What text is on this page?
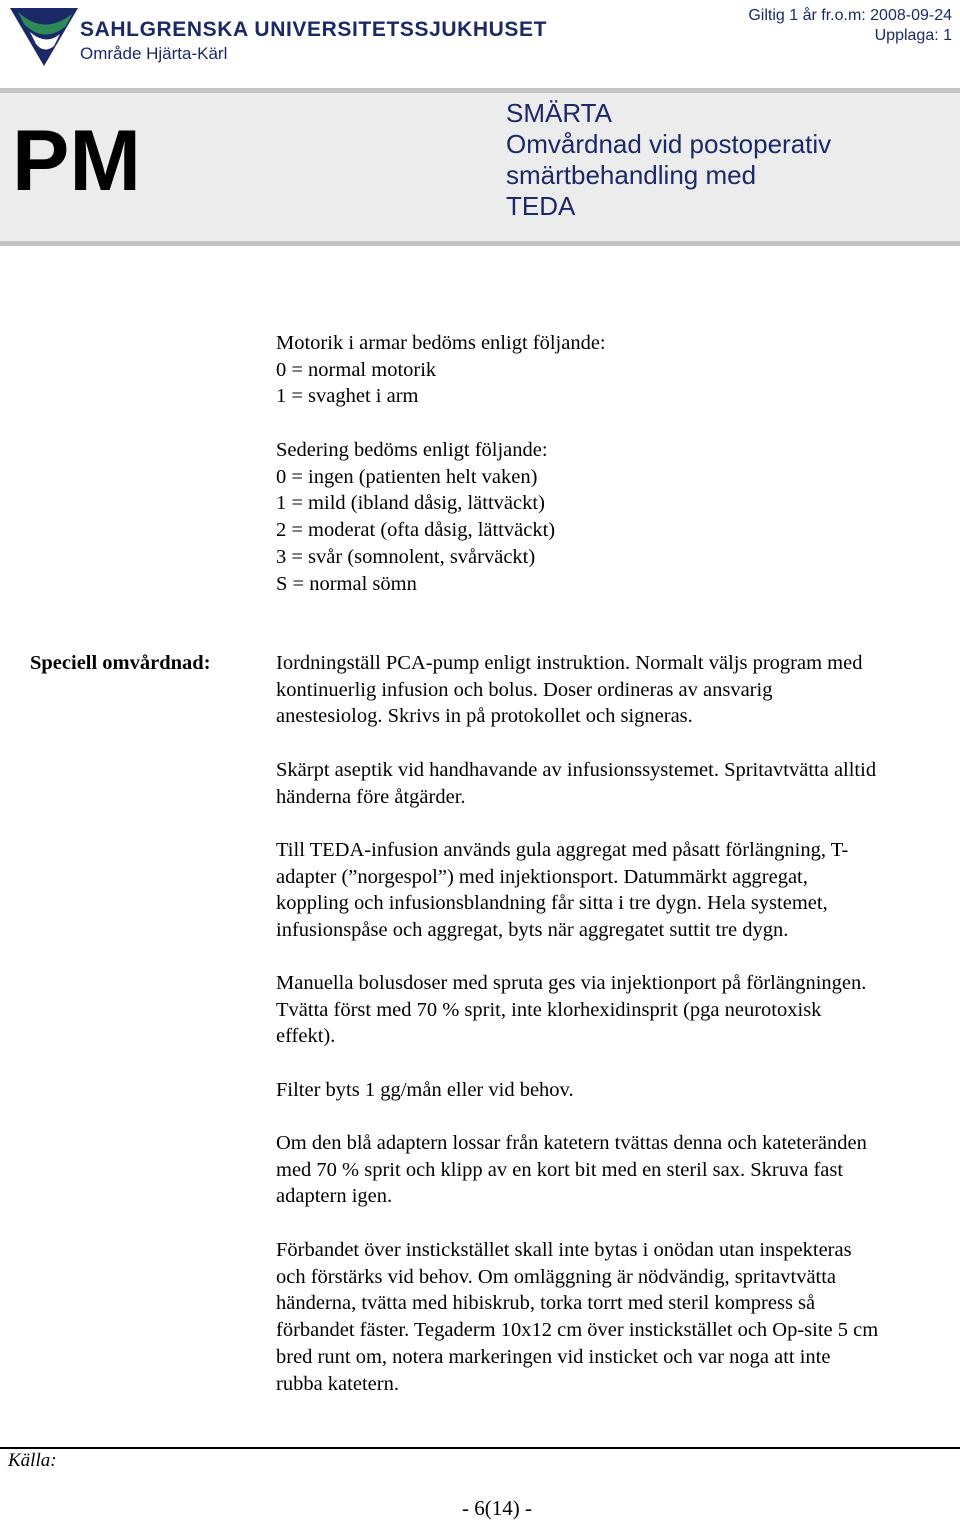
SAHLGRENSKA UNIVERSITETSSJUKHUSET
Område Hjärta-Kärl
Giltig 1 år fr.o.m: 2008-09-24
Upplaga: 1
PM	SMÄRTA
Omvårdnad vid postoperativ
smärtbehandling med
TEDA
Motorik i armar bedöms enligt följande:
0 = normal motorik
1 = svaghet i arm
Sedering bedöms enligt följande:
0 = ingen (patienten helt vaken)
1 = mild (ibland dåsig, lättväckt)
2 = moderat (ofta dåsig, lättväckt)
3 = svår (somnolent, svårväckt)
S = normal sömn
Speciell omvårdnad:	Iordningställ PCA-pump enligt instruktion. Normalt väljs program med
kontinuerlig infusion och bolus. Doser ordineras av ansvarig
anestesiolog. Skrivs in på protokollet och signeras.
Skärpt aseptik vid handhavande av infusionssystemet. Spritavtvätta alltid
händerna före åtgärder.
Till TEDA-infusion används gula aggregat med påsatt förlängning, T-
adapter (”norgespol”) med injektionsport. Datummärkt aggregat,
koppling och infusionsblandning får sitta i tre dygn. Hela systemet,
infusionspåse och aggregat, byts när aggregatet suttit tre dygn.
Manuella bolusdoser med spruta ges via injektionport på förlängningen.
Tvätta först med 70 % sprit, inte klorhexidinsprit (pga neurotoxisk
effekt).
Filter byts 1 gg/mån eller vid behov.
Om den blå adaptern lossar från katetern tvättas denna och kateteränden
med 70 % sprit och klipp av en kort bit med en steril sax. Skruva fast
adaptern igen.
Förbandet över instickstället skall inte bytas i onödan utan inspekteras
och förstärks vid behov. Om omläggning är nödvändig, spritavtvätta
händerna, tvätta med hibiskrub, torka torrt med steril kompress så
förbandet fäster. Tegaderm 10x12 cm över instickstället och Op-site 5 cm
bred runt om, notera markeringen vid insticket och var noga att inte
rubba katetern.
Källa:
- 6(14) -
